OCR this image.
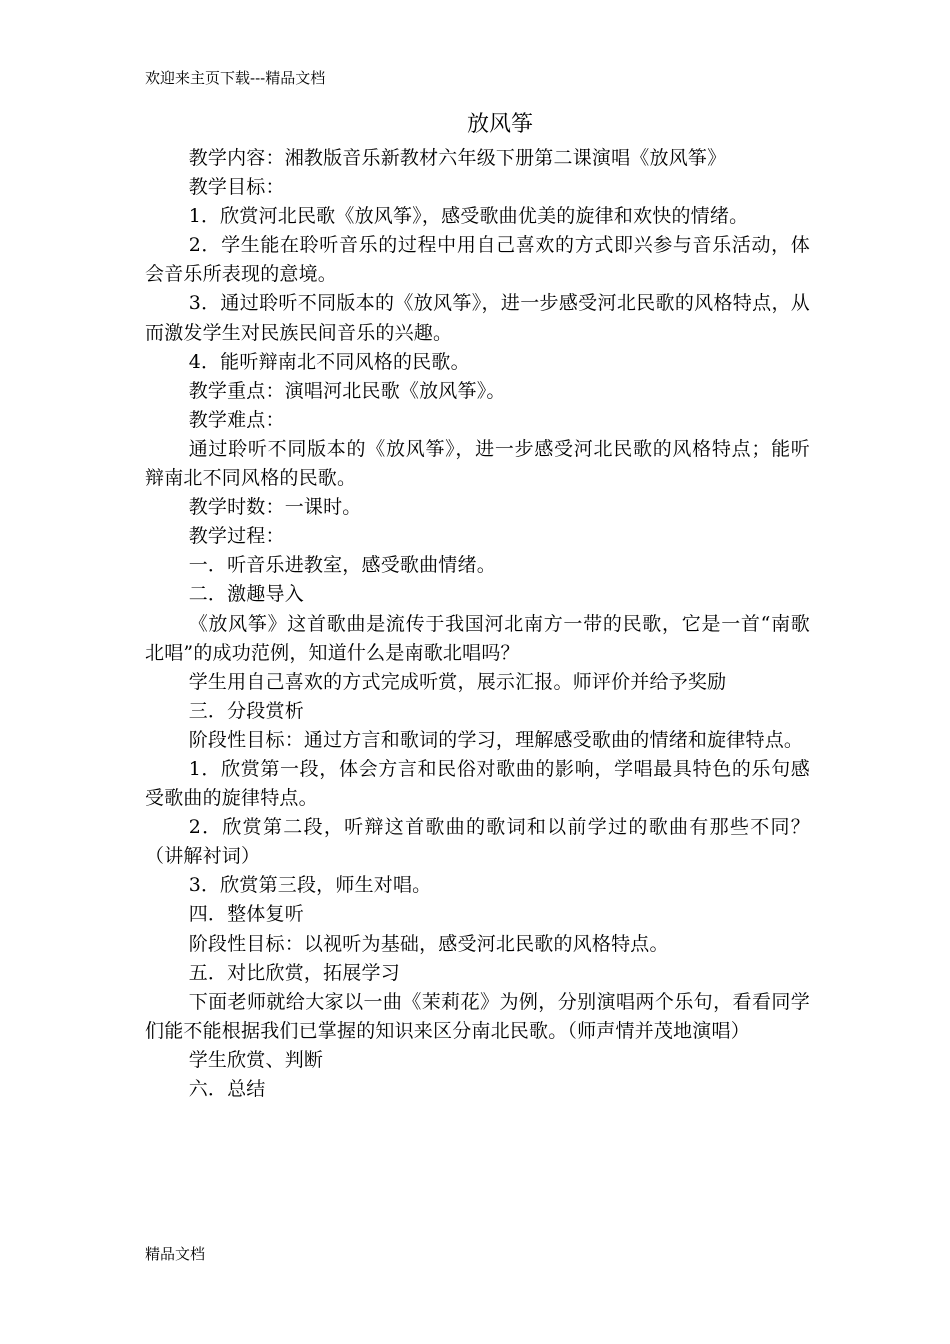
欢迎来主页下载---精品文档
放风筝

教学内容：湘教版音乐新教材六年级下册第二课演唱《放风筝》

教学目标：

1．欣赏河北民歌《放风筝》，感受歌曲优美的旋律和欢快的情绪。

2．学生能在聆听音乐的过程中用自己喜欢的方式即兴参与音乐活动，体会音乐所表现的意境。

3．通过聆听不同版本的《放风筝》，进一步感受河北民歌的风格特点，从而激发学生对民族民间音乐的兴趣。

4．能听辩南北不同风格的民歌。

教学重点：演唱河北民歌《放风筝》。

教学难点：

通过聆听不同版本的《放风筝》，进一步感受河北民歌的风格特点；能听辩南北不同风格的民歌。

教学时数：一课时。

教学过程：

一．听音乐进教室，感受歌曲情绪。

二．激趣导入

《放风筝》这首歌曲是流传于我国河北南方一带的民歌，它是一首“南歌北唱”的成功范例，知道什么是南歌北唱吗？

学生用自己喜欢的方式完成听赏，展示汇报。师评价并给予奖励

三．分段赏析

阶段性目标：通过方言和歌词的学习，理解感受歌曲的情绪和旋律特点。

1．欣赏第一段，体会方言和民俗对歌曲的影响，学唱最具特色的乐句感受歌曲的旋律特点。

2．欣赏第二段，听辩这首歌曲的歌词和以前学过的歌曲有那些不同？（讲解衬词）

3．欣赏第三段，师生对唱。

四．整体复听

阶段性目标：以视听为基础，感受河北民歌的风格特点。

五．对比欣赏，拓展学习

下面老师就给大家以一曲《茉莉花》为例，分别演唱两个乐句，看看同学们能不能根据我们已掌握的知识来区分南北民歌。（师声情并茂地演唱）

学生欣赏、判断

六．总结

精品文档
